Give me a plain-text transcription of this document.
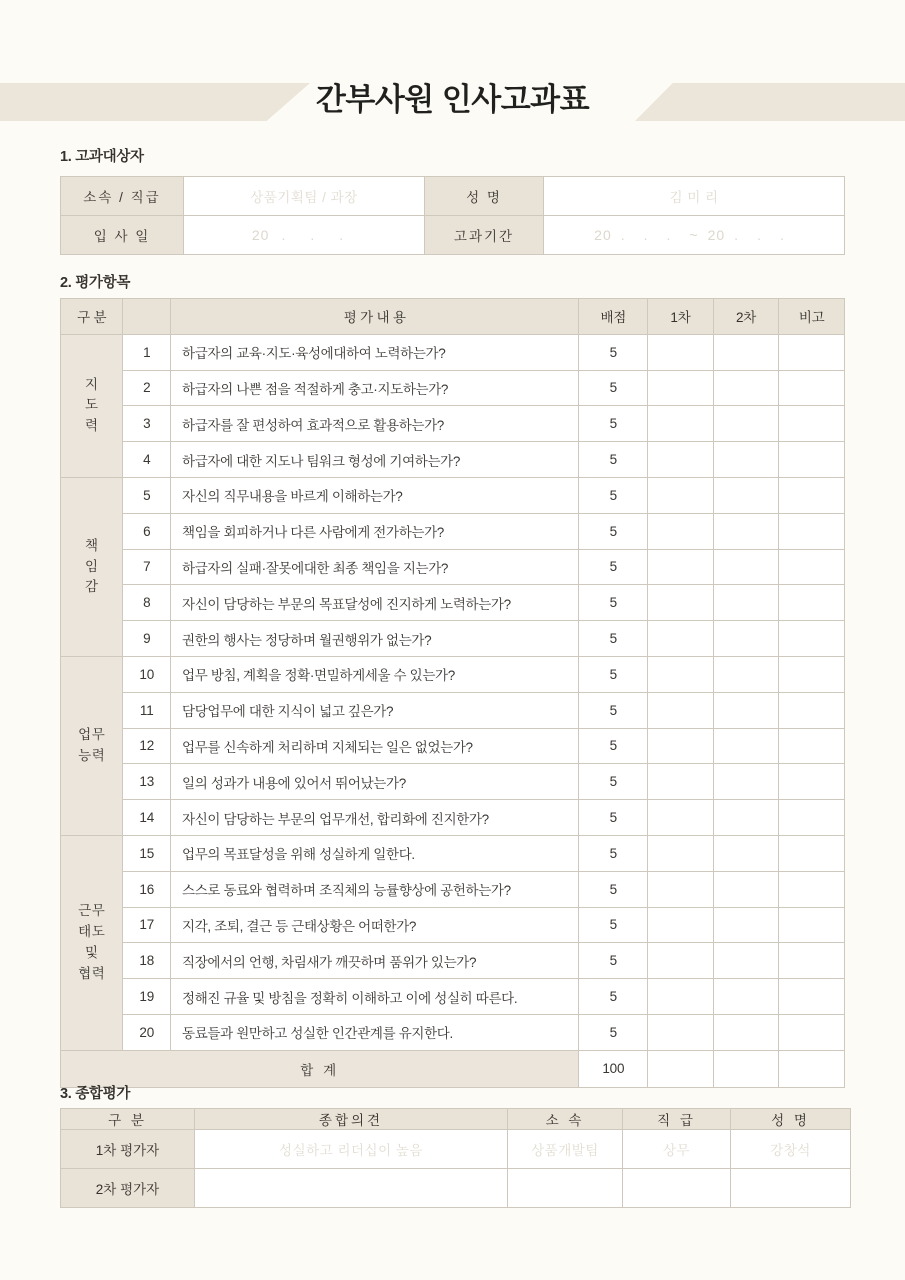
간부사원 인사고과표
1. 고과대상자
소속 / 직급	상품기획팀 / 과장	성 명	김 미 리
입 사 일	20 . . .	고과기간	20 . . . ~ 20 . . .
2. 평가항목
구 분		평 가 내 용	배점	1차	2차	비고

지
도
력	1	하급자의 교육·지도·육성에대하여 노력하는가?	5			
	2	하급자의 나쁜 점을 적절하게 충고·지도하는가?	5			
	3	하급자를 잘 편성하여 효과적으로 활용하는가?	5			
	4	하급자에 대한 지도나 팀워크 형성에 기여하는가?	5			

책
임
감	5	자신의 직무내용을 바르게 이해하는가?	5			
	6	책임을 회피하거나 다른 사람에게 전가하는가?	5			
	7	하급자의 실패·잘못에대한 최종 책임을 지는가?	5			
	8	자신이 담당하는 부문의 목표달성에 진지하게 노력하는가?	5			
	9	권한의 행사는 정당하며 월권행위가 없는가?	5			

업무
능력	10	업무 방침, 계획을 정확·면밀하게세울 수 있는가?	5			
	11	담당업무에 대한 지식이 넓고 깊은가?	5			
	12	업무를 신속하게 처리하며 지체되는 일은 없었는가?	5			
	13	일의 성과가 내용에 있어서 뛰어났는가?	5			
	14	자신이 담당하는 부문의 업무개선, 합리화에 진지한가?	5			

근무
태도
및
협력	15	업무의 목표달성을 위해 성실하게 일한다.	5			
	16	스스로 동료와 협력하며 조직체의 능률향상에 공헌하는가?	5			
	17	지각, 조퇴, 결근 등 근태상황은 어떠한가?	5			
	18	직장에서의 언행, 차림새가 깨끗하며 품위가 있는가?	5			
	19	정해진 규율 및 방침을 정확히 이해하고 이에 성실히 따른다.	5			
	20	동료들과 원만하고 성실한 인간관계를 유지한다.	5			
합 계			100			
3. 종합평가
구 분	종합의견	소 속	직 급	성 명
1차 평가자	성실하고 리더십이 높음	상품개발팀	상무	강창석
2차 평가자				
